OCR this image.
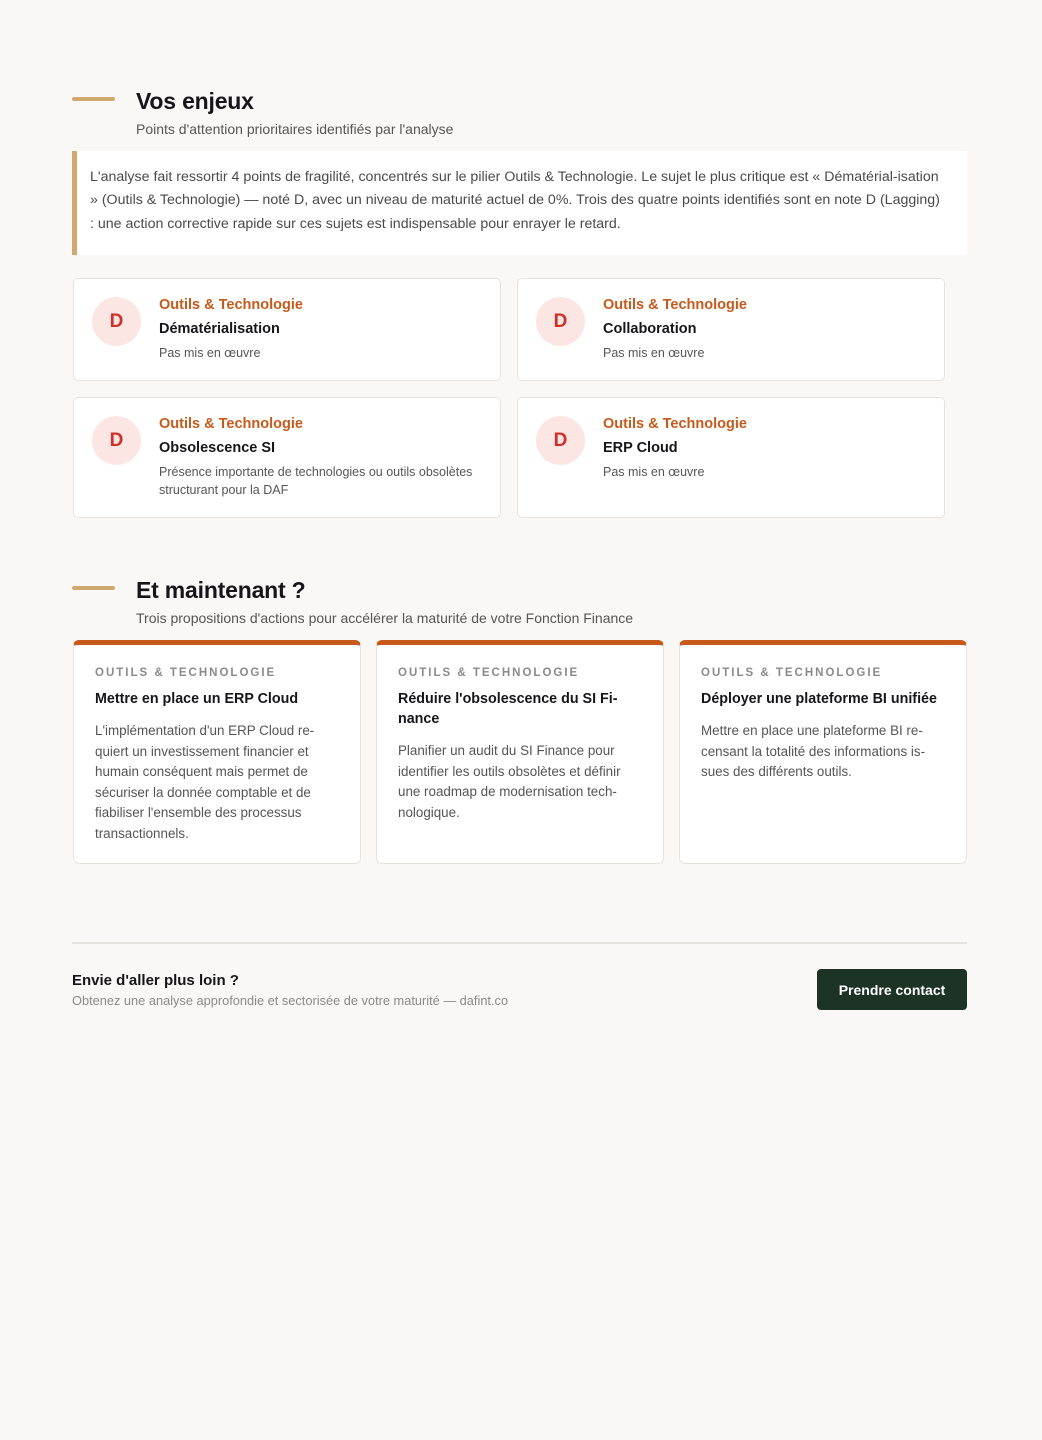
Vos enjeux
Points d'attention prioritaires identifiés par l'analyse
L'analyse fait ressortir 4 points de fragilité, concentrés sur le pilier Outils & Technologie. Le sujet le plus critique est « Dématérial-isation » (Outils & Technologie) — noté D, avec un niveau de maturité actuel de 0%. Trois des quatre points identifiés sont en note D (Lagging) : une action corrective rapide sur ces sujets est indispensable pour enrayer le retard.
D
Outils & Technologie
Dématérialisation
Pas mis en œuvre
D
Outils & Technologie
Collaboration
Pas mis en œuvre
D
Outils & Technologie
Obsolescence SI
Présence importante de technologies ou outils obsolètes structurant pour la DAF
D
Outils & Technologie
ERP Cloud
Pas mis en œuvre
Et maintenant ?
Trois propositions d'actions pour accélérer la maturité de votre Fonction Finance
OUTILS & TECHNOLOGIE
Mettre en place un ERP Cloud
L'implémentation d'un ERP Cloud re-quiert un investissement financier et humain conséquent mais permet de sécuriser la donnée comptable et de fiabiliser l'ensemble des processus transactionnels.
OUTILS & TECHNOLOGIE
Réduire l'obsolescence du SI Fi-nance
Planifier un audit du SI Finance pour identifier les outils obsolètes et définir une roadmap de modernisation tech-nologique.
OUTILS & TECHNOLOGIE
Déployer une plateforme BI unifiée
Mettre en place une plateforme BI re-censant la totalité des informations is-sues des différents outils.
Envie d'aller plus loin ?
Obtenez une analyse approfondie et sectorisée de votre maturité — dafint.co
Prendre contact
